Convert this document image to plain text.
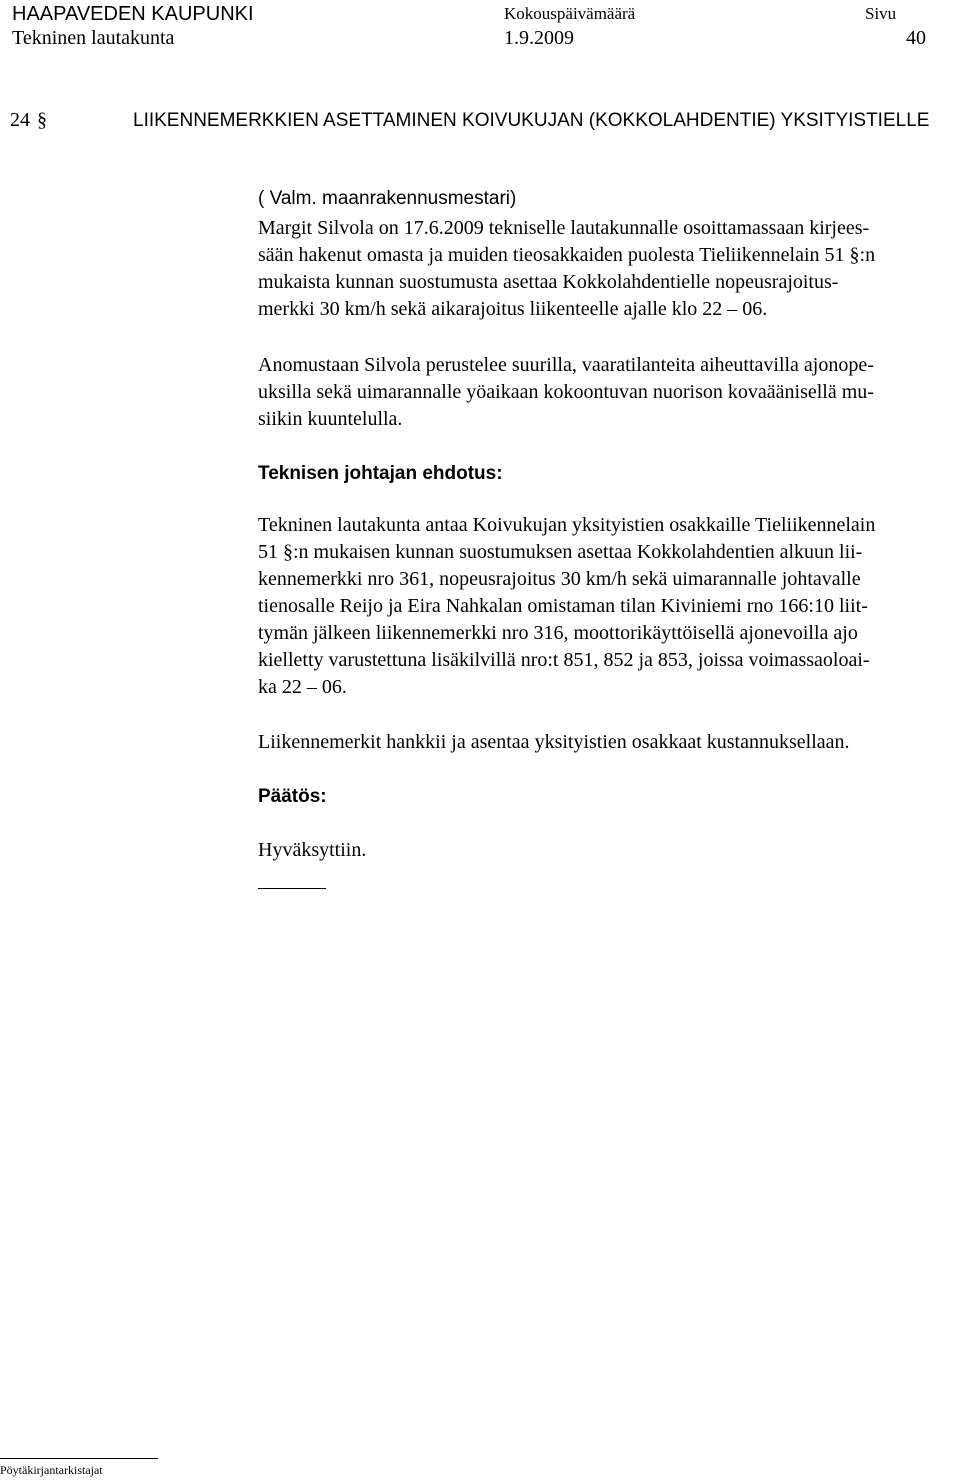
HAAPAVEDEN KAUPUNKI
Tekninen lautakunta
Kokouspäivämäärä
1.9.2009
Sivu
40
24 §	LIIKENNEMERKKIEN ASETTAMINEN KOIVUKUJAN (KOKKOLAHDENTIE) YKSITYISTIELLE
( Valm. maanrakennusmestari)
Margit Silvola on 17.6.2009 tekniselle lautakunnalle osoittamassaan kirjees-
sään hakenut omasta ja muiden tieosakkaiden puolesta Tieliikennelain 51 §:n
mukaista kunnan suostumusta asettaa Kokkolahdentielle nopeusrajoitus-
merkki 30 km/h sekä aikarajoitus liikenteelle ajalle klo 22 – 06.
Anomustaan Silvola perustelee suurilla, vaaratilanteita aiheuttavilla ajonope-
uksilla sekä uimarannalle yöaikaan kokoontuvan nuorison kovaäänisellä mu-
siikin kuuntelulla.
Teknisen johtajan ehdotus:
Tekninen lautakunta antaa Koivukujan yksityistien osakkaille Tieliikennelain
51 §:n mukaisen kunnan suostumuksen asettaa Kokkolahdentien alkuun lii-
kennemerkki nro 361, nopeusrajoitus 30 km/h sekä uimarannalle johtavalle
tienosalle Reijo ja Eira Nahkalan omistaman tilan Kiviniemi rno 166:10 liit-
tymän jälkeen liikennemerkki nro 316, moottorikäyttöisellä ajonevoilla ajo
kielletty varustettuna lisäkilvillä nro:t 851, 852 ja 853, joissa voimassaoloai-
ka 22 – 06.
Liikennemerkit hankkii ja asentaa yksityistien osakkaat kustannuksellaan.
Päätös:
Hyväksyttiin.
Pöytäkirjantarkistajat
